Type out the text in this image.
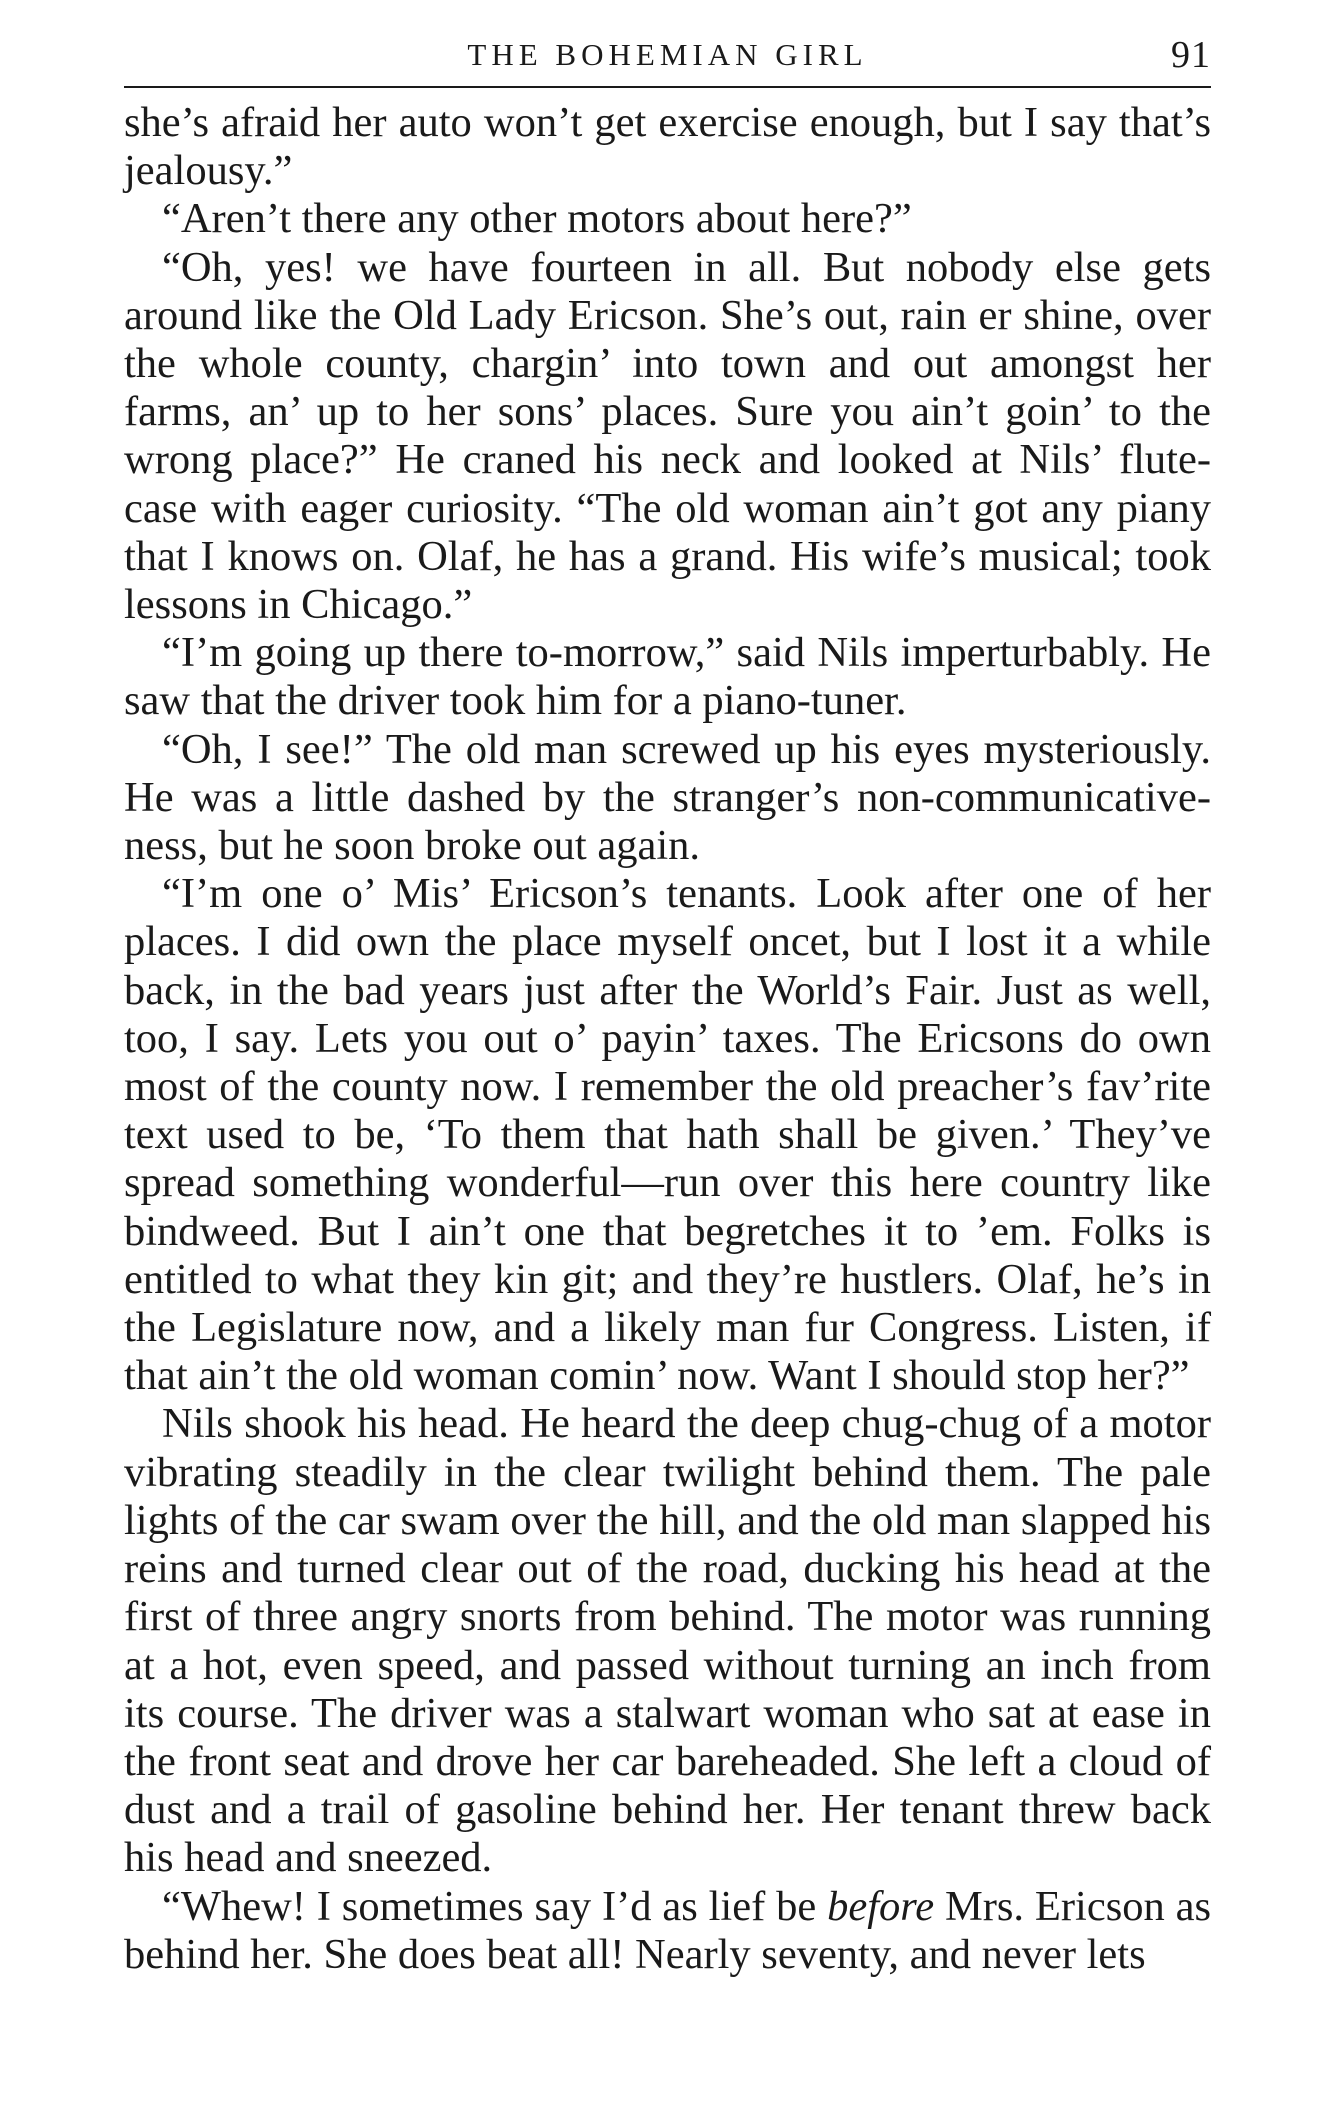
THE BOHEMIAN GIRL	91

she’s afraid her auto won’t get exercise enough, but I say that’s jealousy.”

“Aren’t there any other motors about here?”

“Oh, yes! we have fourteen in all. But nobody else gets around like the Old Lady Ericson. She’s out, rain er shine, over the whole county, chargin’ into town and out amongst her farms, an’ up to her sons’ places. Sure you ain’t goin’ to the wrong place?” He craned his neck and looked at Nils’ flute-case with eager curiosity. “The old woman ain’t got any piany that I knows on. Olaf, he has a grand. His wife’s musical; took lessons in Chicago.”

“I’m going up there to-morrow,” said Nils imperturbably. He saw that the driver took him for a piano-tuner.

“Oh, I see!” The old man screwed up his eyes mysteriously. He was a little dashed by the stranger’s non-communicativeness, but he soon broke out again.

“I’m one o’ Mis’ Ericson’s tenants. Look after one of her places. I did own the place myself oncet, but I lost it a while back, in the bad years just after the World’s Fair. Just as well, too, I say. Lets you out o’ payin’ taxes. The Ericsons do own most of the county now. I remember the old preacher’s fav’rite text used to be, ‘To them that hath shall be given.’ They’ve spread something wonderful—run over this here country like bindweed. But I ain’t one that begretches it to ’em. Folks is entitled to what they kin git; and they’re hustlers. Olaf, he’s in the Legislature now, and a likely man fur Congress. Listen, if that ain’t the old woman comin’ now. Want I should stop her?”

Nils shook his head. He heard the deep chug-chug of a motor vibrating steadily in the clear twilight behind them. The pale lights of the car swam over the hill, and the old man slapped his reins and turned clear out of the road, ducking his head at the first of three angry snorts from behind. The motor was running at a hot, even speed, and passed without turning an inch from its course. The driver was a stalwart woman who sat at ease in the front seat and drove her car bareheaded. She left a cloud of dust and a trail of gasoline behind her. Her tenant threw back his head and sneezed.

“Whew! I sometimes say I’d as lief be before Mrs. Ericson as behind her. She does beat all! Nearly seventy, and never lets
